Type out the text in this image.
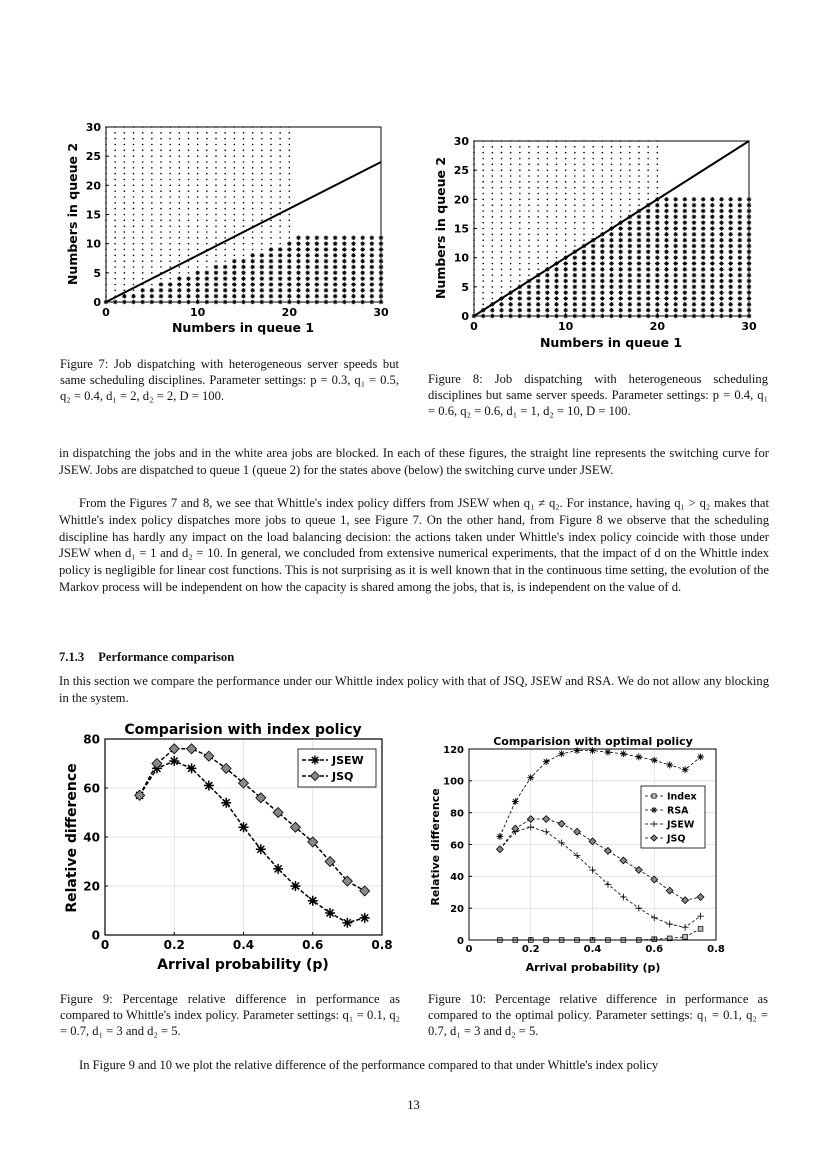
0	10	20	30
0
5
10
15
20
25
30
Numbers in queue 1
Numbers in queue 2
Figure 7: Job dispatching with heterogeneous server speeds but same scheduling disciplines. Parameter settings: p = 0.3, q₁ = 0.5, q₂ = 0.4, d₁ = 2, d₂ = 2, D = 100.
0	10	20	30
0
5
10
15
20
25
30
Numbers in queue 1
Numbers in queue 2
Figure 8: Job dispatching with heterogeneous scheduling disciplines but same server speeds. Parameter settings: p = 0.4, q₁ = 0.6, q₂ = 0.6, d₁ = 1, d₂ = 10, D = 100.
in dispatching the jobs and in the white area jobs are blocked. In each of these figures, the straight line represents the switching curve for JSEW. Jobs are dispatched to queue 1 (queue 2) for the states above (below) the switching curve under JSEW.
From the Figures 7 and 8, we see that Whittle's index policy differs from JSEW when q₁ ≠ q₂. For instance, having q₁ > q₂ makes that Whittle's index policy dispatches more jobs to queue 1, see Figure 7. On the other hand, from Figure 8 we observe that the scheduling discipline has hardly any impact on the load balancing decision: the actions taken under Whittle's index policy coincide with those under JSEW when d₁ = 1 and d₂ = 10. In general, we concluded from extensive numerical experiments, that the impact of d on the Whittle index policy is negligible for linear cost functions. This is not surprising as it is well known that in the continuous time setting, the evolution of the Markov process will be independent on how the capacity is shared among the jobs, that is, is independent on the value of d.
7.1.3 Performance comparison
In this section we compare the performance under our Whittle index policy with that of JSQ, JSEW and RSA. We do not allow any blocking in the system.
0	0.2	0.4	0.6	0.8
0
20
40
60
80
JSEW
JSQ
Comparision with index policy
Arrival probability (p)
Relative difference
Figure 9: Percentage relative difference in performance as compared to Whittle's index policy. Parameter settings: q₁ = 0.1, q₂ = 0.7, d₁ = 3 and d₂ = 5.
0	0.2	0.4	0.6	0.8
0
20
40
60
80
100
120
Index
RSA
JSEW
JSQ
Comparision with optimal policy
Arrival probability (p)
Relative difference
Figure 10: Percentage relative difference in performance as compared to the optimal policy. Parameter settings: q₁ = 0.1, q₂ = 0.7, d₁ = 3 and d₂ = 5.
In Figure 9 and 10 we plot the relative difference of the performance compared to that under Whittle's index policy
13
